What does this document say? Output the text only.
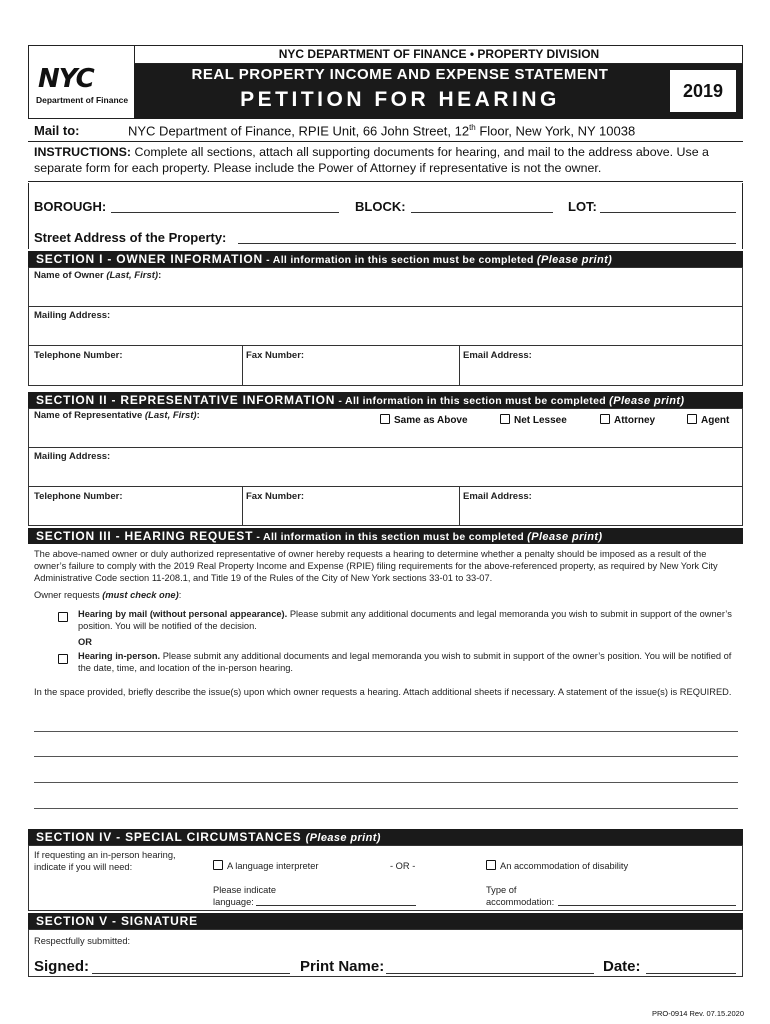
NYC
Department of Finance
NYC DEPARTMENT OF FINANCE • PROPERTY DIVISION
REAL PROPERTY INCOME AND EXPENSE STATEMENT
PETITION FOR HEARING	2019
Mail to:	NYC Department of Finance, RPIE Unit, 66 John Street, 12th Floor, New York, NY 10038
INSTRUCTIONS: Complete all sections, attach all supporting documents for hearing, and mail to the address above. Use a separate form for each property. Please include the Power of Attorney if representative is not the owner.
BOROUGH:	BLOCK:	LOT:
Street Address of the Property:
SECTION I - OWNER INFORMATION - All information in this section must be completed (Please print)
Name of Owner (Last, First):
Mailing Address:
Telephone Number:	Fax Number:	Email Address:
SECTION II - REPRESENTATIVE INFORMATION - All information in this section must be completed (Please print)
Name of Representative (Last, First):	Same as Above	Net Lessee	Attorney	Agent
Mailing Address:
Telephone Number:	Fax Number:	Email Address:
SECTION III - HEARING REQUEST - All information in this section must be completed (Please print)
The above-named owner or duly authorized representative of owner hereby requests a hearing to determine whether a penalty should be imposed as a result of the owner’s failure to comply with the 2019 Real Property Income and Expense (RPIE) filing requirements for the above-referenced property, as required by New York City Administrative Code section 11-208.1, and Title 19 of the Rules of the City of New York sections 33-01 to 33-07.
Owner requests (must check one):
Hearing by mail (without personal appearance). Please submit any additional documents and legal memoranda you wish to submit in support of the owner’s position. You will be notified of the decision.
OR
Hearing in-person. Please submit any additional documents and legal memoranda you wish to submit in support of the owner’s position. You will be notified of the date, time, and location of the in-person hearing.
In the space provided, briefly describe the issue(s) upon which owner requests a hearing. Attach additional sheets if necessary. A statement of the issue(s) is REQUIRED.
SECTION IV - SPECIAL CIRCUMSTANCES (Please print)
If requesting an in-person hearing, indicate if you will need:	A language interpreter	- OR -	An accommodation of disability
Please indicate
language:
Type of
accommodation:
SECTION V - SIGNATURE
Respectfully submitted:
Signed:	Print Name:	Date:
PRO-0914 Rev. 07.15.2020
